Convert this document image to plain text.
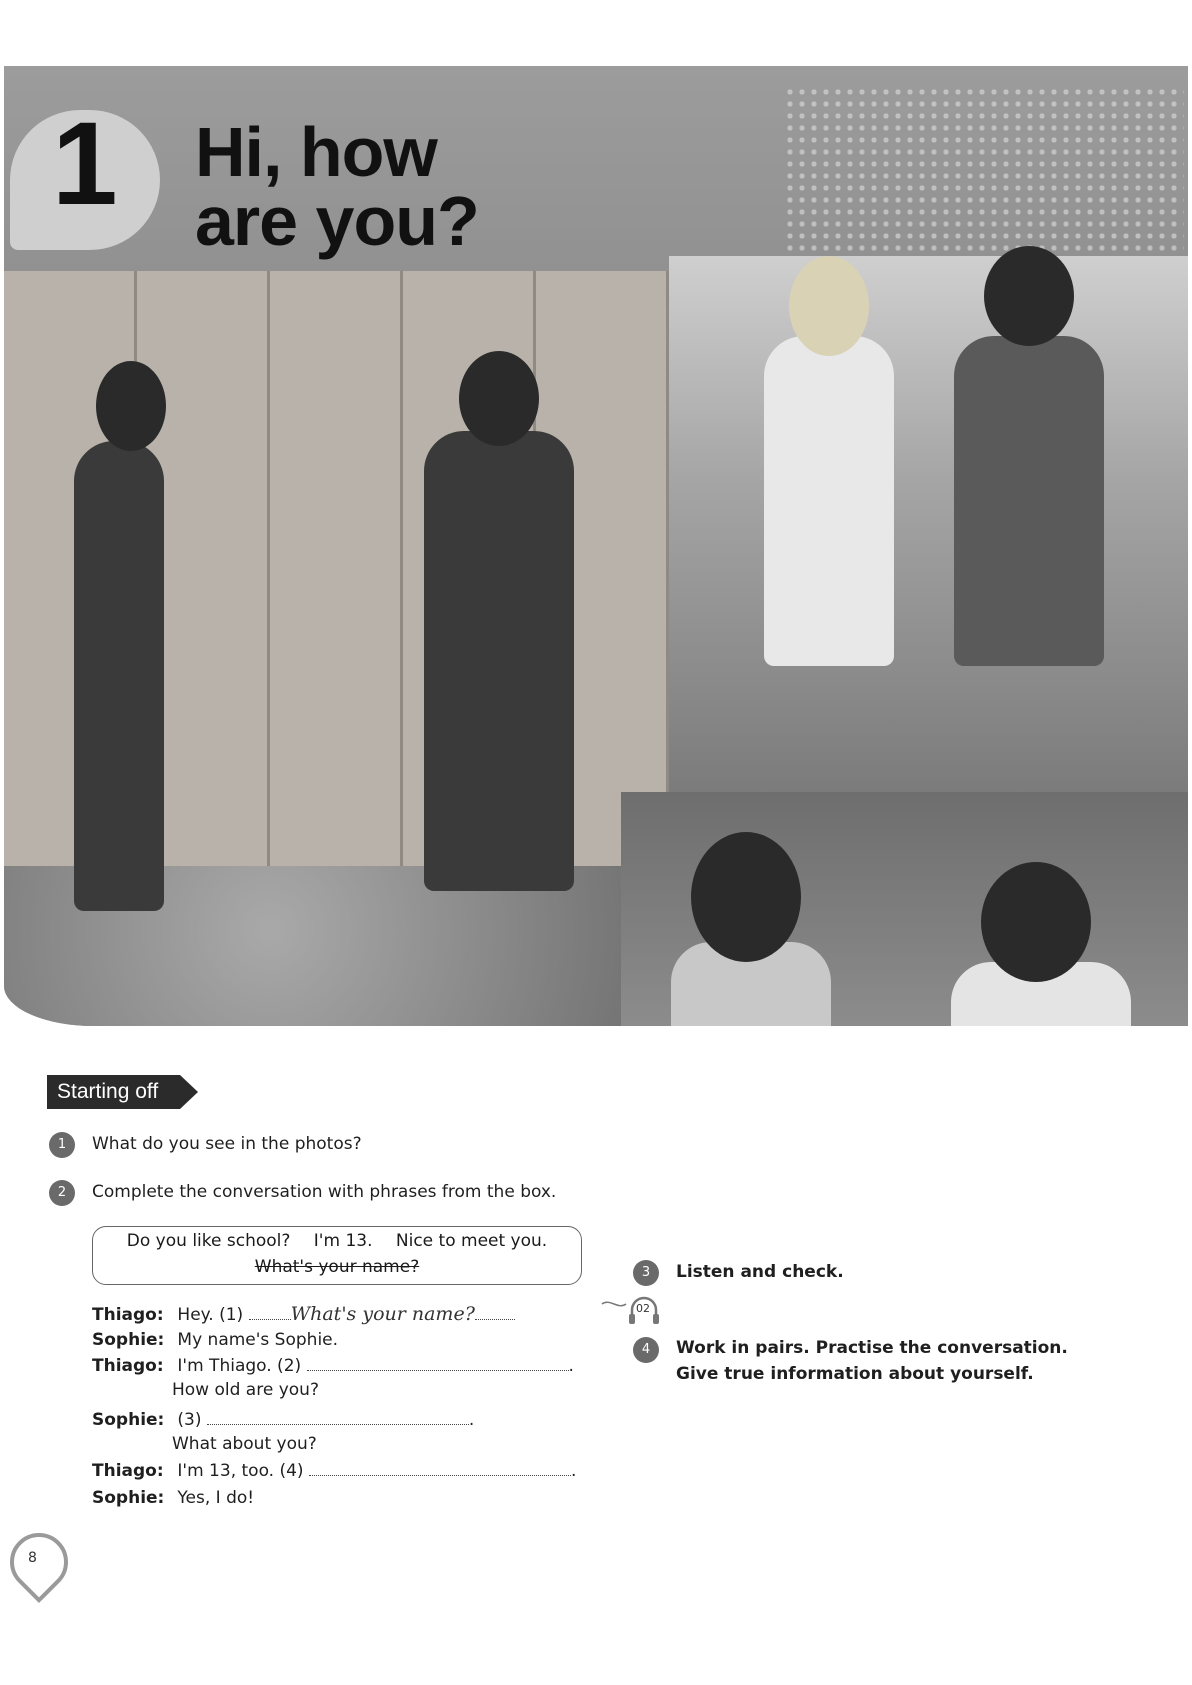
1 Hi, how
are you?
Starting off
1	What do you see in the photos?
2	Complete the conversation with phrases from the box.
Do you like school? I'm 13. Nice to meet you.
What's your name?
Thiago: Hey. (1) What's your name?
Sophie: My name's Sophie.
Thiago: I'm Thiago. (2)	.
How old are you?
Sophie: (3)	.
What about you?
Thiago: I'm 13, too. (4)	.
Sophie: Yes, I do!
3	Listen and check.
02
4	Work in pairs. Practise the conversation.
Give true information about yourself.
8
